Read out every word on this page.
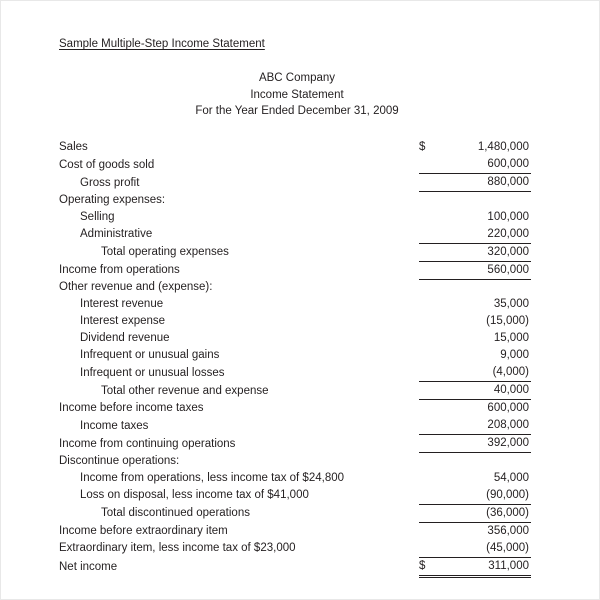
Sample Multiple-Step Income Statement
ABC Company
Income Statement
For the Year Ended December 31, 2009
Sales	$	1,480,000
Cost of goods sold		600,000
Gross profit		880,000
Operating expenses:		
Selling		100,000
Administrative		220,000
Total operating expenses		320,000
Income from operations		560,000
Other revenue and (expense):		
Interest revenue		35,000
Interest expense		(15,000)
Dividend revenue		15,000
Infrequent or unusual gains		9,000
Infrequent or unusual losses		(4,000)
Total other revenue and expense		40,000
Income before income taxes		600,000
Income taxes		208,000
Income from continuing operations		392,000
Discontinue operations:		
Income from operations, less income tax of $24,800		54,000
Loss on disposal, less income tax of $41,000		(90,000)
Total discontinued operations		(36,000)
Income before extraordinary item		356,000
Extraordinary item, less income tax of $23,000		(45,000)
Net income	$	311,000
